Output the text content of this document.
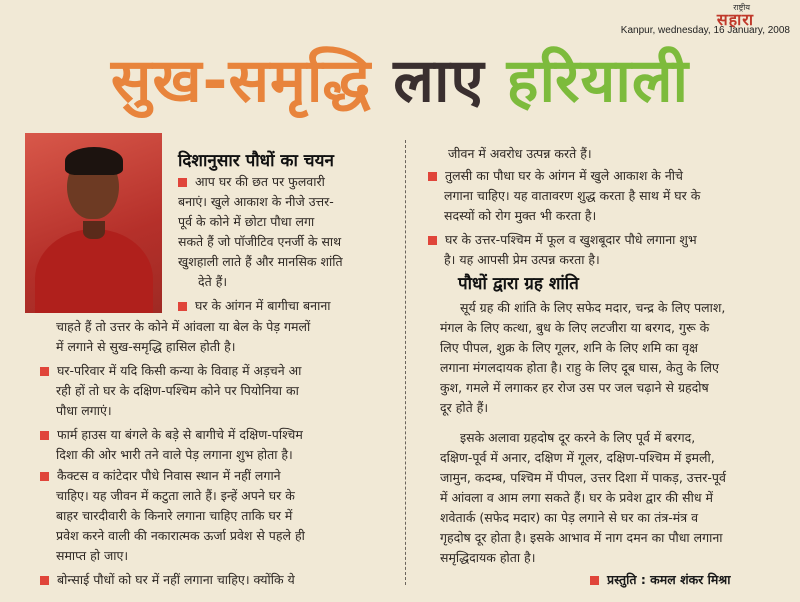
राष्ट्रीय
सहारा
Kanpur, wednesday, 16 January, 2008
सुख-समृद्धि लाए हरियाली
दिशानुसार पौधों का चयन

आप घर की छत पर फुलवारी

बनाएं। खुले आकाश के नीजे उत्तर-

पूर्व के कोने में छोटा पौधा लगा

सकते हैं जो पॉजीटिव एनर्जी के साथ

खुशहाली लाते हैं और मानसिक शांति

देते हैं।

घर के आंगन में बागीचा बनाना

चाहते हैं तो उत्तर के कोने में आंवला या बेल के पेड़ गमलों

में लगाने से सुख-समृद्धि हासिल होती है।

घर-परिवार में यदि किसी कन्या के विवाह में अड़चने आ

रही हों तो घर के दक्षिण-पश्चिम कोने पर पियोनिया का

पौधा लगाएं।

फार्म हाउस या बंगले के बड़े से बागीचे में दक्षिण-पश्चिम

दिशा की ओर भारी तने वाले पेड़ लगाना शुभ होता है।

कैक्टस व कांटेदार पौधे निवास स्थान में नहीं लगाने

चाहिए। यह जीवन में कटुता लाते हैं। इन्हें अपने घर के

बाहर चारदीवारी के किनारे लगाना चाहिए ताकि घर में

प्रवेश करने वाली की नकारात्मक ऊर्जा प्रवेश से पहले ही

समाप्त हो जाए।

बोन्साई पौधों को घर में नहीं लगाना चाहिए। क्योंकि ये

जीवन में अवरोध उत्पन्न करते हैं।

तुलसी का पौधा घर के आंगन में खुले आकाश के नीचे

लगाना चाहिए। यह वातावरण शुद्ध करता है साथ में घर के

सदस्यों को रोग मुक्त भी करता है।

घर के उत्तर-पश्चिम में फूल व खुशबूदार पौधे लगाना शुभ

है। यह आपसी प्रेम उत्पन्न करता है।

पौधों द्वारा ग्रह शांति

सूर्य ग्रह की शांति के लिए सफेद मदार, चन्द्र के लिए पलाश,

मंगल के लिए कत्था, बुध के लिए लटजीरा या बरगद, गुरू के

लिए पीपल, शुक्र के लिए गूलर, शनि के लिए शमि का वृक्ष

लगाना मंगलदायक होता है। राहु के लिए दूब घास, केतु के लिए

कुश, गमले में लगाकर हर रोज उस पर जल चढ़ाने से ग्रहदोष

दूर होते हैं।

इसके अलावा ग्रहदोष दूर करने के लिए पूर्व में बरगद,

दक्षिण-पूर्व में अनार, दक्षिण में गूलर, दक्षिण-पश्चिम में इमली,

जामुन, कदम्ब, पश्चिम में पीपल, उत्तर दिशा में पाकड़, उत्तर-पूर्व

में आंवला व आम लगा सकते हैं। घर के प्रवेश द्वार की सीध में

शवेतार्क (सफेद मदार) का पेड़ लगाने से घर का तंत्र-मंत्र व

गृहदोष दूर होता है। इसके आभाव में नाग दमन का पौधा लगाना

समृद्धिदायक होता है।

प्रस्तुति : कमल शंकर मिश्रा
